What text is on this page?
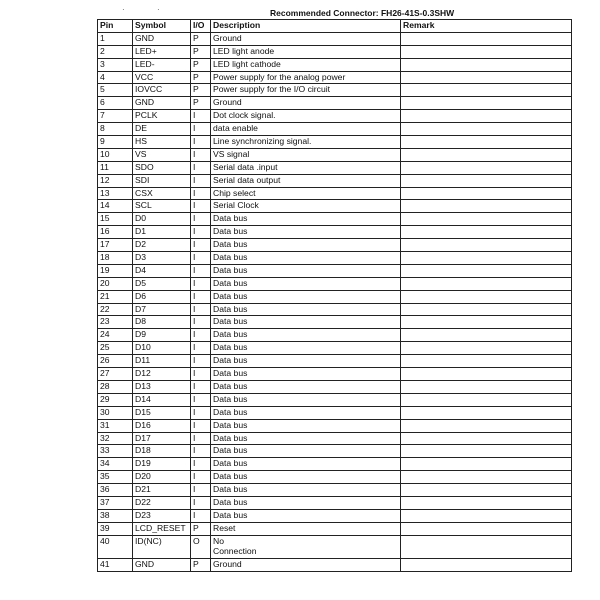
·	·	Recommended Connector: FH26-41S-0.3SHW
Pin	Symbol	I/O	Description	Remark
1	GND	P	Ground	
2	LED+	P	LED light anode	
3	LED-	P	LED light cathode	
4	VCC	P	Power supply for the analog power	
5	IOVCC	P	Power supply for the I/O circuit	
6	GND	P	Ground	
7	PCLK	I	Dot clock signal.	
8	DE	I	data enable	
9	HS	I	Line synchronizing signal.	
10	VS	I	VS signal	
11	SDO	I	Serial data .input	
12	SDI	I	Serial data output	
13	CSX	I	Chip select	
14	SCL	I	Serial Clock	
15	D0	I	Data bus	
16	D1	I	Data bus	
17	D2	I	Data bus	
18	D3	I	Data bus	
19	D4	I	Data bus	
20	D5	I	Data bus	
21	D6	I	Data bus	
22	D7	I	Data bus	
23	D8	I	Data bus	
24	D9	I	Data bus	
25	D10	I	Data bus	
26	D11	I	Data bus	
27	D12	I	Data bus	
28	D13	I	Data bus	
29	D14	I	Data bus	
30	D15	I	Data bus	
31	D16	I	Data bus	
32	D17	I	Data bus	
33	D18	I	Data bus	
34	D19	I	Data bus	
35	D20	I	Data bus	
36	D21	I	Data bus	
37	D22	I	Data bus	
38	D23	I	Data bus	
39	LCD_RESET	P	Reset	
40	ID(NC)	O	No
Connection	
41	GND	P	Ground	
